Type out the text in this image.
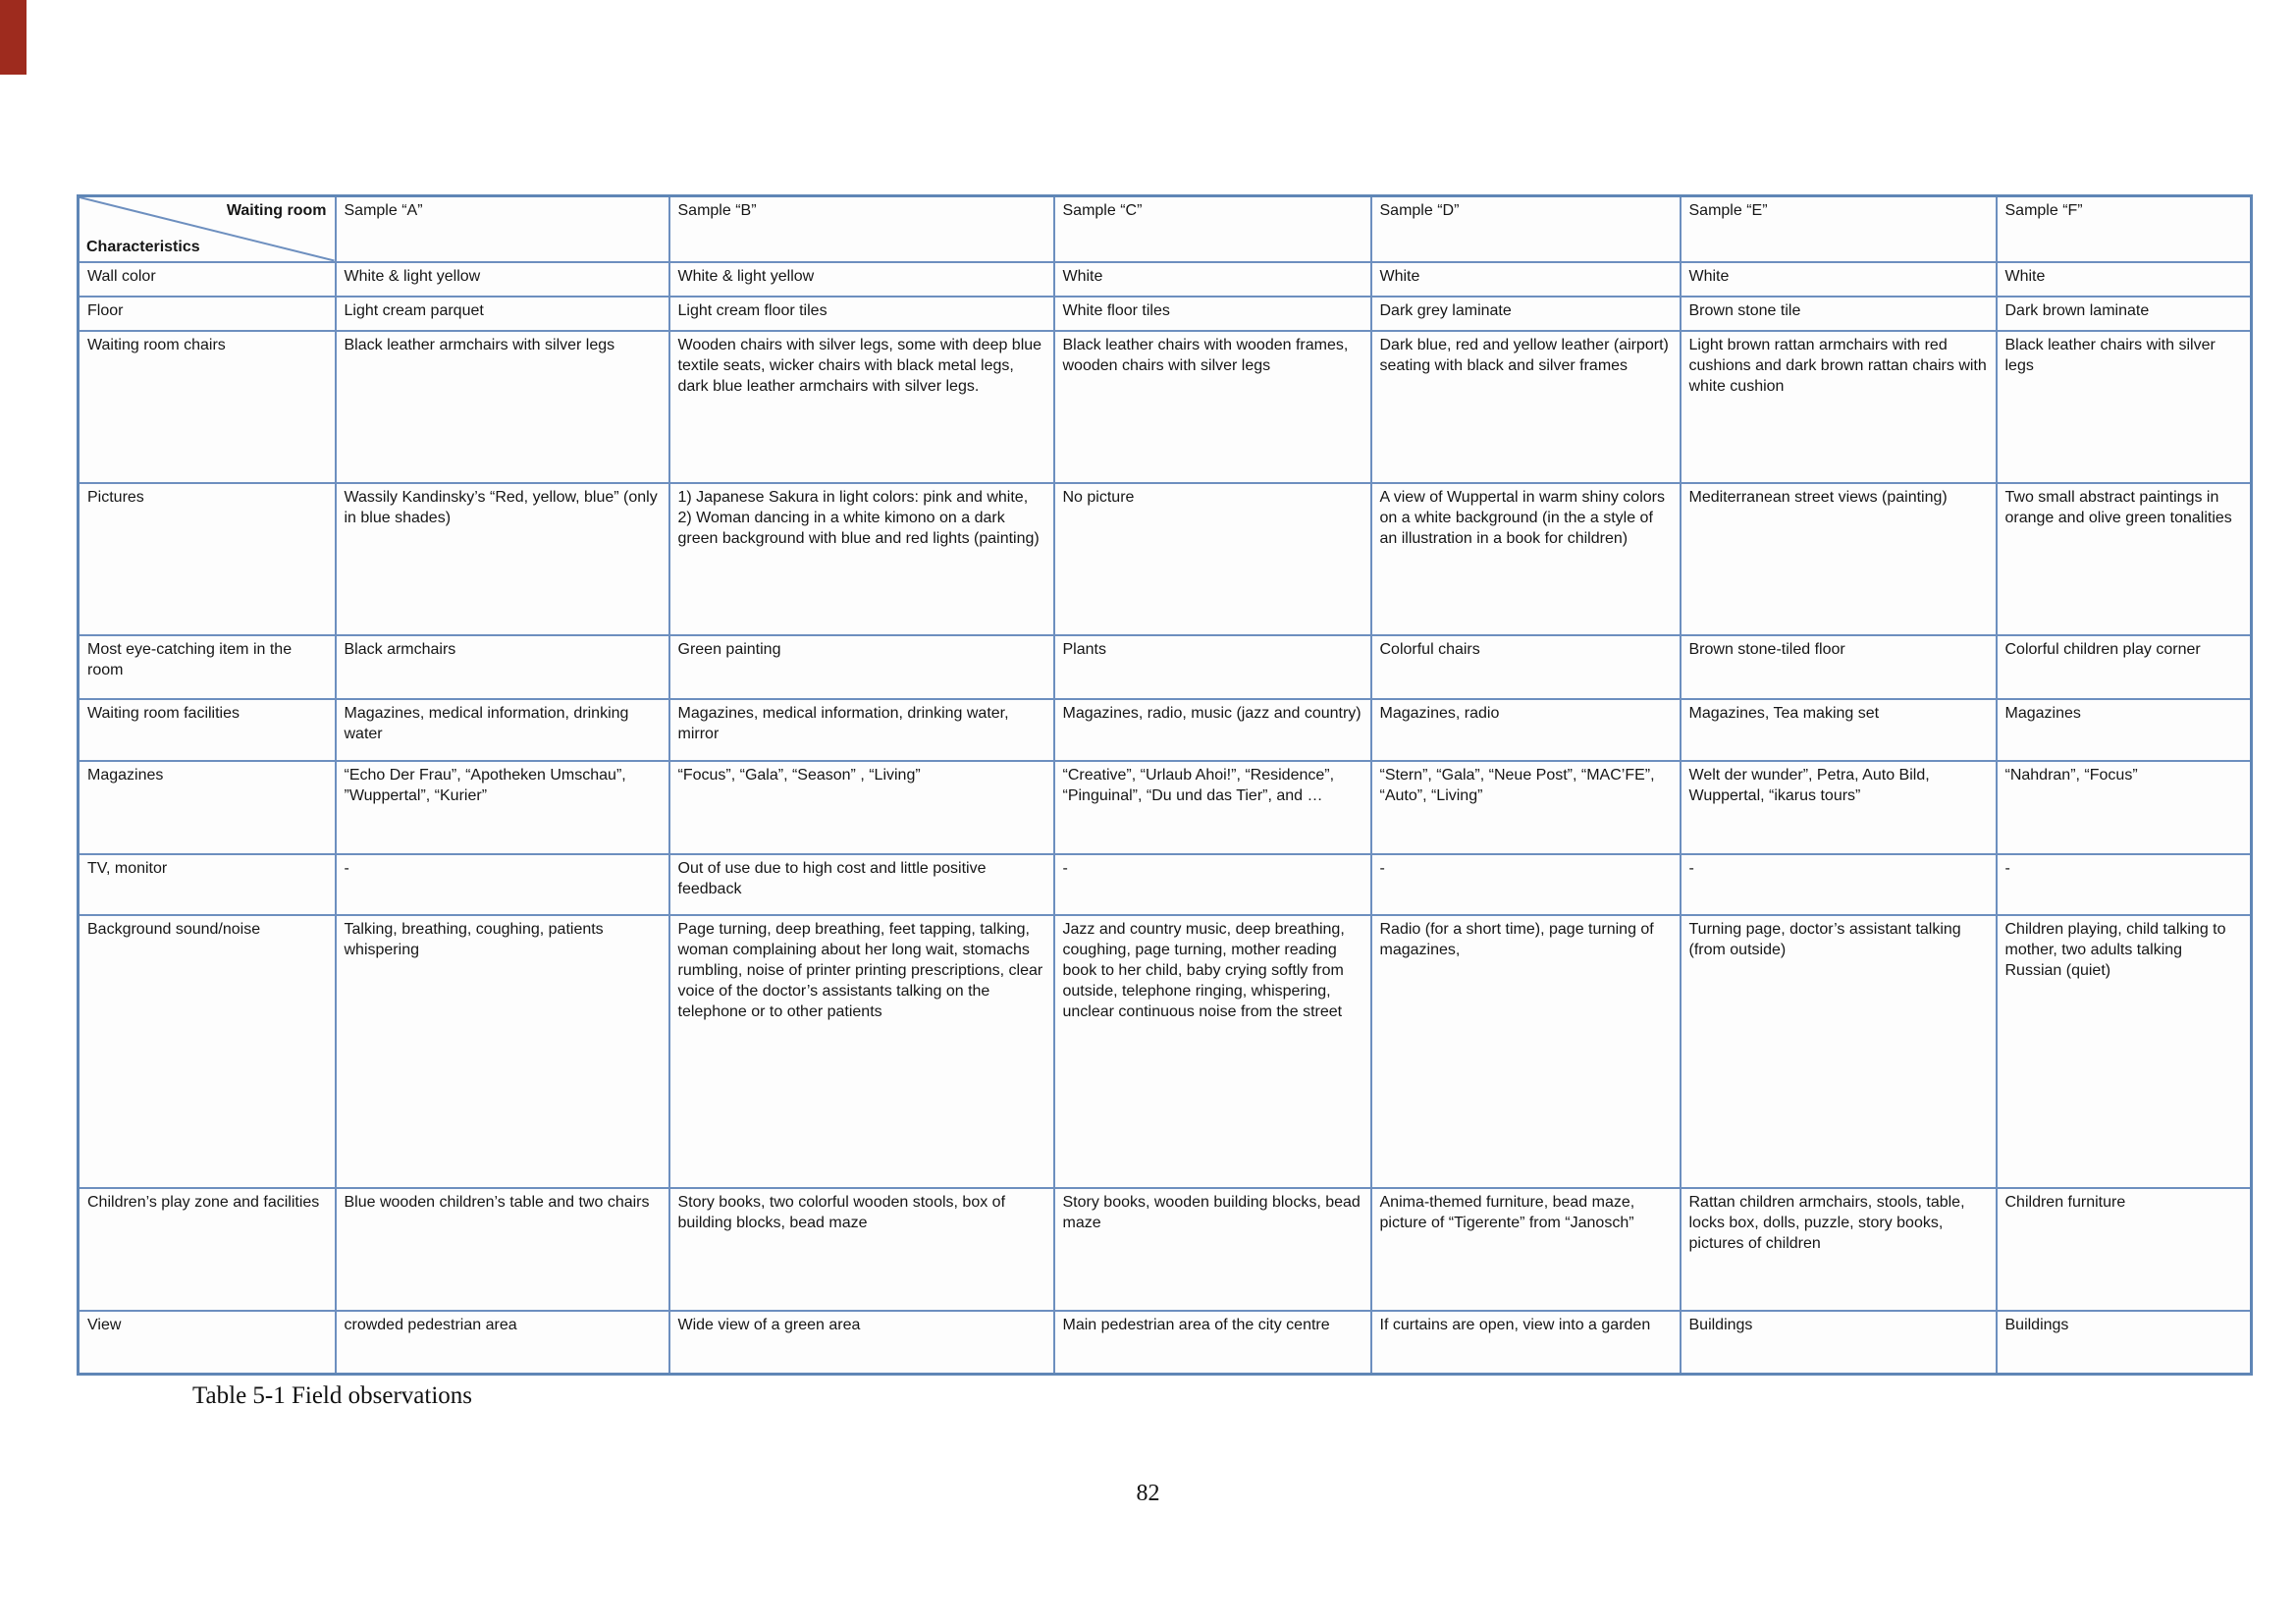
Waiting room
Characteristics	Sample “A”	Sample “B”	Sample “C”	Sample “D”	Sample “E”	Sample “F”
Wall color	White & light yellow	White & light yellow	White	White	White	White
Floor	Light cream parquet	Light cream floor tiles	White floor tiles	Dark grey laminate	Brown stone tile	Dark brown laminate
Waiting room chairs	Black leather armchairs with silver legs	Wooden chairs with silver legs, some with deep blue textile seats, wicker chairs with black metal legs, dark blue leather armchairs with silver legs.	Black leather chairs with wooden frames, wooden chairs with silver legs	Dark blue, red and yellow leather (airport) seating with black and silver frames	Light brown rattan armchairs with red cushions and dark brown rattan chairs with white cushion	Black leather chairs with silver legs
Pictures	Wassily Kandinsky’s “Red, yellow, blue” (only in blue shades)	1) Japanese Sakura in light colors: pink and white, 2) Woman dancing in a white kimono on a dark green background with blue and red lights (painting)	No picture	A view of Wuppertal in warm shiny colors on a white background (in the a style of an illustration in a book for children)	Mediterranean street views (painting)	Two small abstract paintings in orange and olive green tonalities
Most eye-catching item in the room	Black armchairs	Green painting	Plants	Colorful chairs	Brown stone-tiled floor	Colorful children play corner
Waiting room facilities	Magazines, medical information, drinking water	Magazines, medical information, drinking water, mirror	Magazines, radio, music (jazz and country)	Magazines, radio	Magazines, Tea making set	Magazines
Magazines	“Echo Der Frau”, “Apotheken Umschau”, ”Wuppertal”, “Kurier”	“Focus”, “Gala”, “Season” , “Living”	“Creative”, “Urlaub Ahoi!”, “Residence”, “Pinguinal”, “Du und das Tier”, and …	“Stern”, “Gala”, “Neue Post”, “MAC’FE”, “Auto”, “Living”	Welt der wunder”, Petra, Auto Bild, Wuppertal, “ikarus tours”	“Nahdran”, “Focus”
TV, monitor	-	Out of use due to high cost and little positive feedback	-	-	-	-
Background sound/noise	Talking, breathing, coughing, patients whispering	Page turning, deep breathing, feet tapping, talking, woman complaining about her long wait, stomachs rumbling, noise of printer printing prescriptions, clear voice of the doctor’s assistants talking on the telephone or to other patients	Jazz and country music, deep breathing, coughing, page turning, mother reading book to her child, baby crying softly from outside, telephone ringing, whispering, unclear continuous noise from the street	Radio (for a short time), page turning of magazines,	Turning page, doctor’s assistant talking (from outside)	Children playing, child talking to mother, two adults talking Russian (quiet)
Children’s play zone and facilities	Blue wooden children’s table and two chairs	Story books, two colorful wooden stools, box of building blocks, bead maze	Story books, wooden building blocks, bead maze	Anima-themed furniture, bead maze, picture of “Tigerente” from “Janosch”	Rattan children armchairs, stools, table, locks box, dolls, puzzle, story books, pictures of children	Children furniture
View	crowded pedestrian area	Wide view of a green area	Main pedestrian area of the city centre	If curtains are open, view into a garden	Buildings	Buildings
Table 5-1 Field observations
82
